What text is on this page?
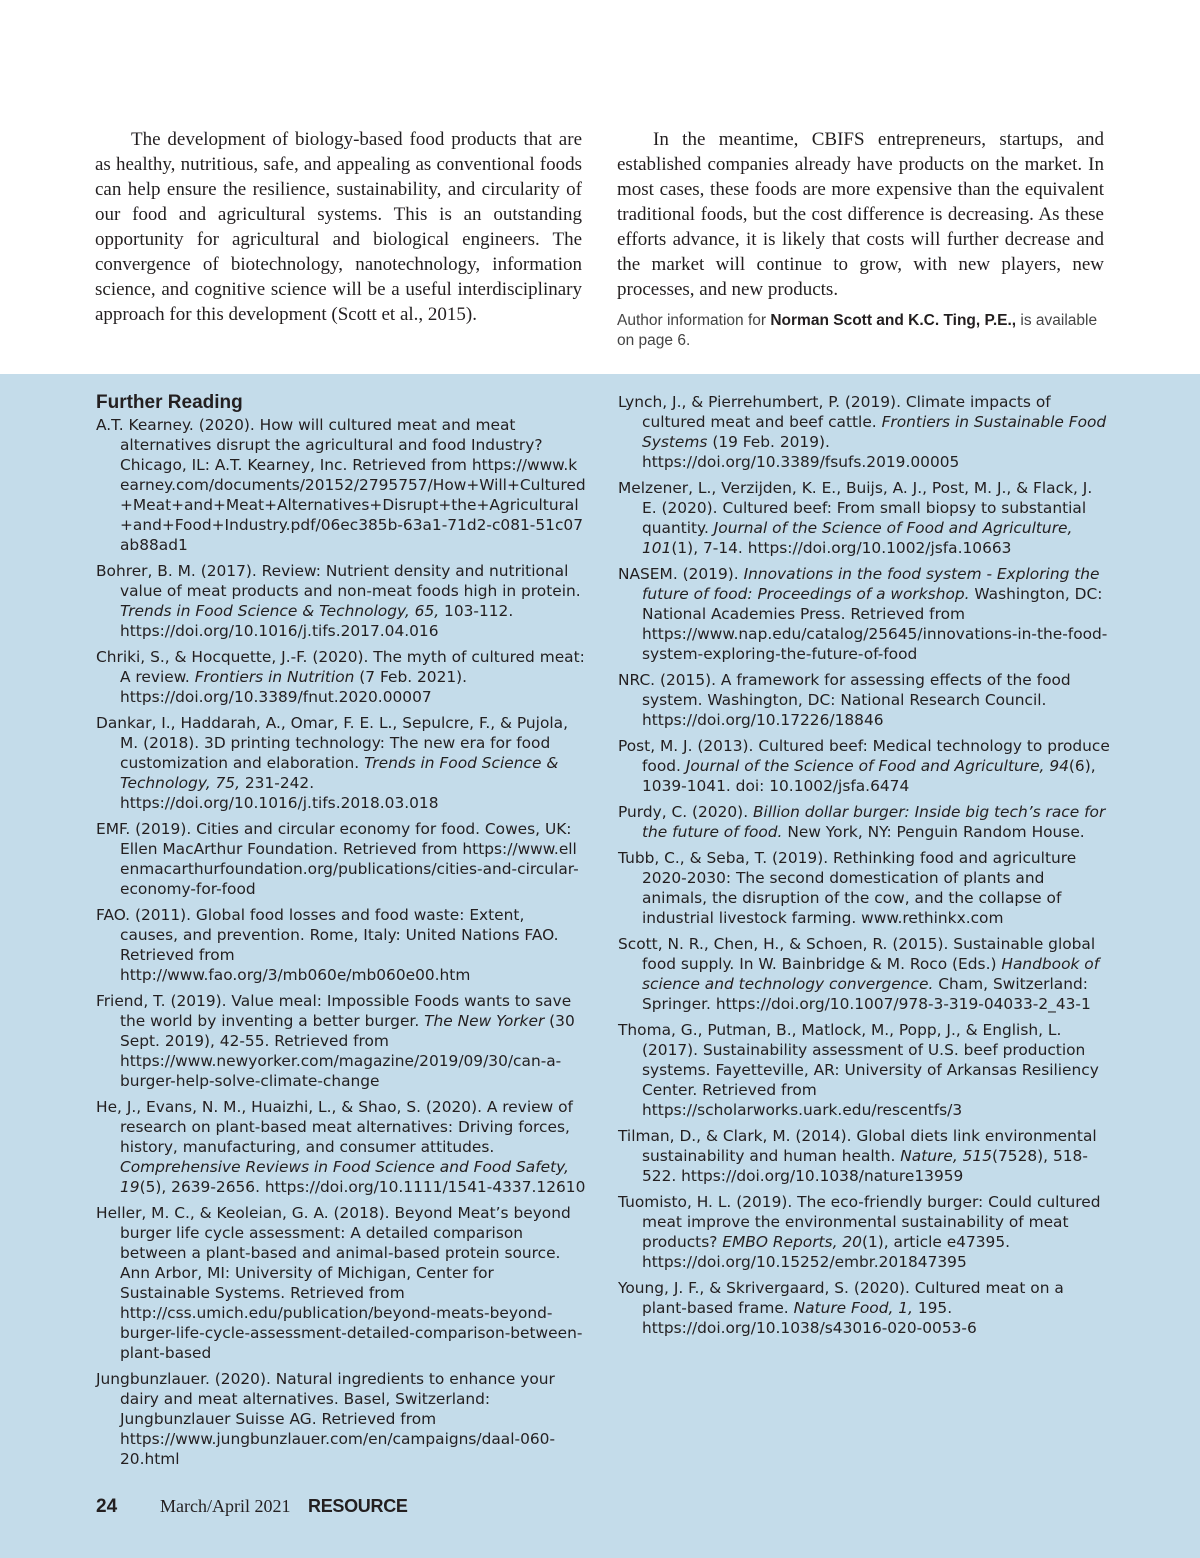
The development of biology-based food products that are as healthy, nutritious, safe, and appealing as conventional foods can help ensure the resilience, sustainability, and circularity of our food and agricultural systems. This is an outstanding opportunity for agricultural and biological engineers. The convergence of biotechnology, nanotechnology, information science, and cognitive science will be a useful interdisciplinary approach for this development (Scott et al., 2015).

In the meantime, CBIFS entrepreneurs, startups, and established companies already have products on the market. In most cases, these foods are more expensive than the equivalent traditional foods, but the cost difference is decreasing. As these efforts advance, it is likely that costs will further decrease and the market will continue to grow, with new players, new processes, and new products.

Author information for Norman Scott and K.C. Ting, P.E., is available on page 6.
Further Reading

A.T. Kearney. (2020). How will cultured meat and meat alternatives disrupt the agricultural and food Industry? Chicago, IL: A.T. Kearney, Inc. Retrieved from https://www.kearney.com/documents/20152/2795757/How+Will+Cultured+Meat+and+Meat+Alternatives+Disrupt+the+Agricultural+and+Food+Industry.pdf/06ec385b-63a1-71d2-c081-51c07ab88ad1

Bohrer, B. M. (2017). Review: Nutrient density and nutritional value of meat products and non-meat foods high in protein. Trends in Food Science & Technology, 65, 103-112. https://doi.org/10.1016/j.tifs.2017.04.016

Chriki, S., & Hocquette, J.-F. (2020). The myth of cultured meat: A review. Frontiers in Nutrition (7 Feb. 2021). https://doi.org/10.3389/fnut.2020.00007

Dankar, I., Haddarah, A., Omar, F. E. L., Sepulcre, F., & Pujola, M. (2018). 3D printing technology: The new era for food customization and elaboration. Trends in Food Science & Technology, 75, 231-242. https://doi.org/10.1016/j.tifs.2018.03.018

EMF. (2019). Cities and circular economy for food. Cowes, UK: Ellen MacArthur Foundation. Retrieved from https://www.ellenmacarthurfoundation.org/publications/cities-and-circular-economy-for-food

FAO. (2011). Global food losses and food waste: Extent, causes, and prevention. Rome, Italy: United Nations FAO. Retrieved from http://www.fao.org/3/mb060e/mb060e00.htm

Friend, T. (2019). Value meal: Impossible Foods wants to save the world by inventing a better burger. The New Yorker (30 Sept. 2019), 42-55. Retrieved from https://www.newyorker.com/magazine/2019/09/30/can-a-burger-help-solve-climate-change

He, J., Evans, N. M., Huaizhi, L., & Shao, S. (2020). A review of research on plant-based meat alternatives: Driving forces, history, manufacturing, and consumer attitudes. Comprehensive Reviews in Food Science and Food Safety, 19(5), 2639-2656. https://doi.org/10.1111/1541-4337.12610

Heller, M. C., & Keoleian, G. A. (2018). Beyond Meat’s beyond burger life cycle assessment: A detailed comparison between a plant-based and animal-based protein source. Ann Arbor, MI: University of Michigan, Center for Sustainable Systems. Retrieved from http://css.umich.edu/publication/beyond-meats-beyond-burger-life-cycle-assessment-detailed-comparison-between-plant-based

Jungbunzlauer. (2020). Natural ingredients to enhance your dairy and meat alternatives. Basel, Switzerland: Jungbunzlauer Suisse AG. Retrieved from https://www.jungbunzlauer.com/en/campaigns/daal-060-20.html

Lynch, J., & Pierrehumbert, P. (2019). Climate impacts of cultured meat and beef cattle. Frontiers in Sustainable Food Systems (19 Feb. 2019). https://doi.org/10.3389/fsufs.2019.00005

Melzener, L., Verzijden, K. E., Buijs, A. J., Post, M. J., & Flack, J. E. (2020). Cultured beef: From small biopsy to substantial quantity. Journal of the Science of Food and Agriculture, 101(1), 7-14. https://doi.org/10.1002/jsfa.10663

NASEM. (2019). Innovations in the food system - Exploring the future of food: Proceedings of a workshop. Washington, DC: National Academies Press. Retrieved from https://www.nap.edu/catalog/25645/innovations-in-the-food-system-exploring-the-future-of-food

NRC. (2015). A framework for assessing effects of the food system. Washington, DC: National Research Council. https://doi.org/10.17226/18846

Post, M. J. (2013). Cultured beef: Medical technology to produce food. Journal of the Science of Food and Agriculture, 94(6), 1039-1041. doi: 10.1002/jsfa.6474

Purdy, C. (2020). Billion dollar burger: Inside big tech’s race for the future of food. New York, NY: Penguin Random House.

Tubb, C., & Seba, T. (2019). Rethinking food and agriculture 2020-2030: The second domestication of plants and animals, the disruption of the cow, and the collapse of industrial livestock farming. www.rethinkx.com

Scott, N. R., Chen, H., & Schoen, R. (2015). Sustainable global food supply. In W. Bainbridge & M. Roco (Eds.) Handbook of science and technology convergence. Cham, Switzerland: Springer. https://doi.org/10.1007/978-3-319-04033-2_43-1

Thoma, G., Putman, B., Matlock, M., Popp, J., & English, L. (2017). Sustainability assessment of U.S. beef production systems. Fayetteville, AR: University of Arkansas Resiliency Center. Retrieved from https://scholarworks.uark.edu/rescentfs/3

Tilman, D., & Clark, M. (2014). Global diets link environmental sustainability and human health. Nature, 515(7528), 518-522. https://doi.org/10.1038/nature13959

Tuomisto, H. L. (2019). The eco-friendly burger: Could cultured meat improve the environmental sustainability of meat products? EMBO Reports, 20(1), article e47395. https://doi.org/10.15252/embr.201847395

Young, J. F., & Skrivergaard, S. (2020). Cultured meat on a plant-based frame. Nature Food, 1, 195. https://doi.org/10.1038/s43016-020-0053-6

24 March/April 2021 RESOURCE
